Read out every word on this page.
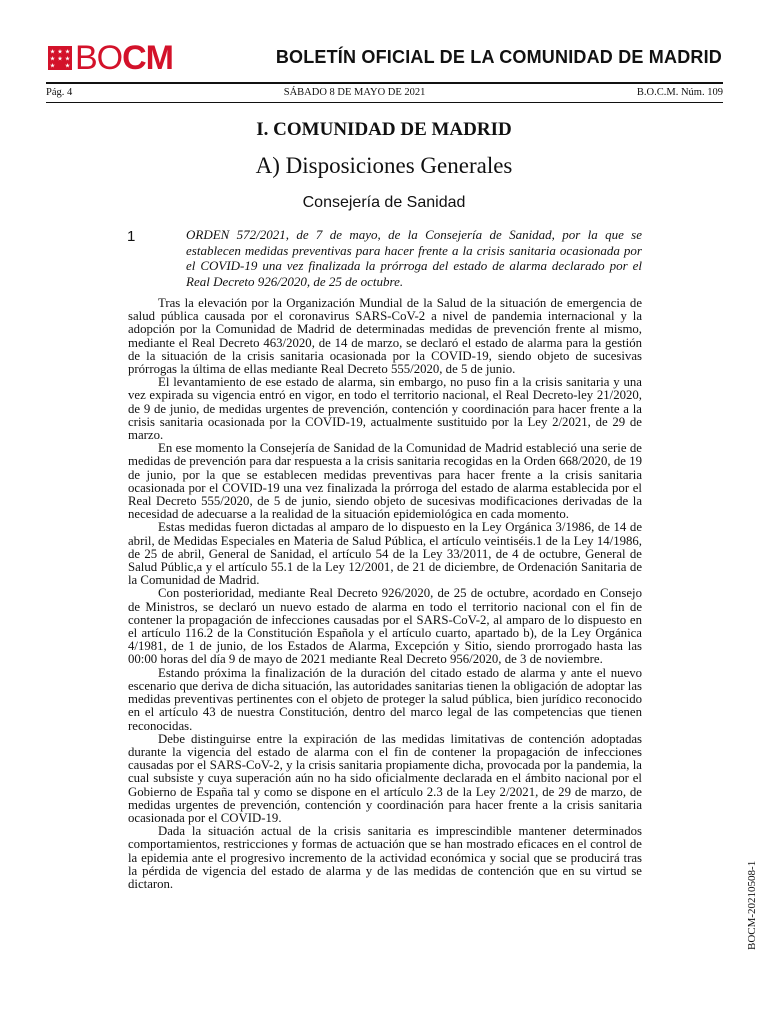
BOCM	BOLETÍN OFICIAL DE LA COMUNIDAD DE MADRID
Pág. 4	SÁBADO 8 DE MAYO DE 2021	B.O.C.M. Núm. 109
I. COMUNIDAD DE MADRID
A) Disposiciones Generales
Consejería de Sanidad
1	ORDEN 572/2021, de 7 de mayo, de la Consejería de Sanidad, por la que se establecen medidas preventivas para hacer frente a la crisis sanitaria ocasionada por el COVID-19 una vez finalizada la prórroga del estado de alarma declarado por el Real Decreto 926/2020, de 25 de octubre.

Tras la elevación por la Organización Mundial de la Salud de la situación de emergencia de salud pública causada por el coronavirus SARS-CoV-2 a nivel de pandemia internacional y la adopción por la Comunidad de Madrid de determinadas medidas de prevención frente al mismo, mediante el Real Decreto 463/2020, de 14 de marzo, se declaró el estado de alarma para la gestión de la situación de la crisis sanitaria ocasionada por la COVID-19, siendo objeto de sucesivas prórrogas la última de ellas mediante Real Decreto 555/2020, de 5 de junio.

El levantamiento de ese estado de alarma, sin embargo, no puso fin a la crisis sanitaria y una vez expirada su vigencia entró en vigor, en todo el territorio nacional, el Real Decreto-ley 21/2020, de 9 de junio, de medidas urgentes de prevención, contención y coordinación para hacer frente a la crisis sanitaria ocasionada por la COVID-19, actualmente sustituido por la Ley 2/2021, de 29 de marzo.

En ese momento la Consejería de Sanidad de la Comunidad de Madrid estableció una serie de medidas de prevención para dar respuesta a la crisis sanitaria recogidas en la Orden 668/2020, de 19 de junio, por la que se establecen medidas preventivas para hacer frente a la crisis sanitaria ocasionada por el COVID-19 una vez finalizada la prórroga del estado de alarma establecida por el Real Decreto 555/2020, de 5 de junio, siendo objeto de sucesivas modificaciones derivadas de la necesidad de adecuarse a la realidad de la situación epidemiológica en cada momento.

Estas medidas fueron dictadas al amparo de lo dispuesto en la Ley Orgánica 3/1986, de 14 de abril, de Medidas Especiales en Materia de Salud Pública, el artículo veintiséis.1 de la Ley 14/1986, de 25 de abril, General de Sanidad, el artículo 54 de la Ley 33/2011, de 4 de octubre, General de Salud Públic,a y el artículo 55.1 de la Ley 12/2001, de 21 de diciembre, de Ordenación Sanitaria de la Comunidad de Madrid.

Con posterioridad, mediante Real Decreto 926/2020, de 25 de octubre, acordado en Consejo de Ministros, se declaró un nuevo estado de alarma en todo el territorio nacional con el fin de contener la propagación de infecciones causadas por el SARS-CoV-2, al amparo de lo dispuesto en el artículo 116.2 de la Constitución Española y el artículo cuarto, apartado b), de la Ley Orgánica 4/1981, de 1 de junio, de los Estados de Alarma, Excepción y Sitio, siendo prorrogado hasta las 00:00 horas del día 9 de mayo de 2021 mediante Real Decreto 956/2020, de 3 de noviembre.

Estando próxima la finalización de la duración del citado estado de alarma y ante el nuevo escenario que deriva de dicha situación, las autoridades sanitarias tienen la obligación de adoptar las medidas preventivas pertinentes con el objeto de proteger la salud pública, bien jurídico reconocido en el artículo 43 de nuestra Constitución, dentro del marco legal de las competencias que tienen reconocidas.

Debe distinguirse entre la expiración de las medidas limitativas de contención adoptadas durante la vigencia del estado de alarma con el fin de contener la propagación de infecciones causadas por el SARS-CoV-2, y la crisis sanitaria propiamente dicha, provocada por la pandemia, la cual subsiste y cuya superación aún no ha sido oficialmente declarada en el ámbito nacional por el Gobierno de España tal y como se dispone en el artículo 2.3 de la Ley 2/2021, de 29 de marzo, de medidas urgentes de prevención, contención y coordinación para hacer frente a la crisis sanitaria ocasionada por el COVID-19.

Dada la situación actual de la crisis sanitaria es imprescindible mantener determinados comportamientos, restricciones y formas de actuación que se han mostrado eficaces en el control de la epidemia ante el progresivo incremento de la actividad económica y social que se producirá tras la pérdida de vigencia del estado de alarma y de las medidas de contención que en su virtud se dictaron.	BOCM-20210508-1
